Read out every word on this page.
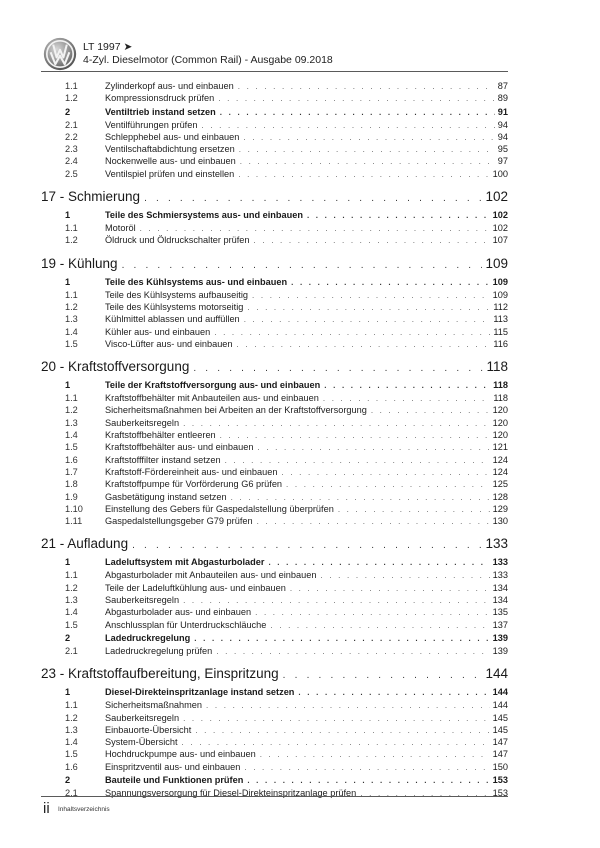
LT 1997 ➤
4-Zyl. Dieselmotor (Common Rail) - Ausgabe 09.2018
1.1	Zylinderkopf aus- und einbauen . . .	87
1.2	Kompressionsdruck prüfen . . .	89
2	Ventiltrieb instand setzen . . .	91
2.1	Ventilführungen prüfen . . .	94
2.2	Schlepphebel aus- und einbauen . . .	94
2.3	Ventilschaftabdichtung ersetzen . . .	95
2.4	Nockenwelle aus- und einbauen . . .	97
2.5	Ventilspiel prüfen und einstellen . . .	100
17 - Schmierung . . .	102
1	Teile des Schmiersystems aus- und einbauen . . .	102
1.1	Motoröl . . .	102
1.2	Öldruck und Öldruckschalter prüfen . . .	107
19 - Kühlung . . .	109
1	Teile des Kühlsystems aus- und einbauen . . .	109
1.1	Teile des Kühlsystems aufbauseitig . . .	109
1.2	Teile des Kühlsystems motorseitig . . .	112
1.3	Kühlmittel ablassen und auffüllen . . .	113
1.4	Kühler aus- und einbauen . . .	115
1.5	Visco-Lüfter aus- und einbauen . . .	116
20 - Kraftstoffversorgung . . .	118
1	Teile der Kraftstoffversorgung aus- und einbauen . . .	118
1.1	Kraftstoffbehälter mit Anbauteilen aus- und einbauen . . .	118
1.2	Sicherheitsmaßnahmen bei Arbeiten an der Kraftstoffversorgung . . .	120
1.3	Sauberkeitsregeln . . .	120
1.4	Kraftstoffbehälter entleeren . . .	120
1.5	Kraftstoffbehälter aus- und einbauen . . .	121
1.6	Kraftstofffilter instand setzen . . .	124
1.7	Kraftstoff-Fördereinheit aus- und einbauen . . .	124
1.8	Kraftstoffpumpe für Vorförderung G6 prüfen . . .	125
1.9	Gasbetätigung instand setzen . . .	128
1.10	Einstellung des Gebers für Gaspedalstellung überprüfen . . .	129
1.11	Gaspedalstellungsgeber G79 prüfen . . .	130
21 - Aufladung . . .	133
1	Ladeluftsystem mit Abgasturbolader . . .	133
1.1	Abgasturbolader mit Anbauteilen aus- und einbauen . . .	133
1.2	Teile der Ladeluftkühlung aus- und einbauen . . .	134
1.3	Sauberkeitsregeln . . .	134
1.4	Abgasturbolader aus- und einbauen . . .	135
1.5	Anschlussplan für Unterdruckschläuche . . .	137
2	Ladedruckregelung . . .	139
2.1	Ladedruckregelung prüfen . . .	139
23 - Kraftstoffaufbereitung, Einspritzung . . .	144
1	Diesel-Direkteinspritzanlage instand setzen . . .	144
1.1	Sicherheitsmaßnahmen . . .	144
1.2	Sauberkeitsregeln . . .	145
1.3	Einbauorte-Übersicht . . .	145
1.4	System-Übersicht . . .	147
1.5	Hochdruckpumpe aus- und einbauen . . .	147
1.6	Einspritzventil aus- und einbauen . . .	150
2	Bauteile und Funktionen prüfen . . .	153
2.1	Spannungsversorgung für Diesel-Direkteinspritzanlage prüfen . . .	153
ii Inhaltsverzeichnis
